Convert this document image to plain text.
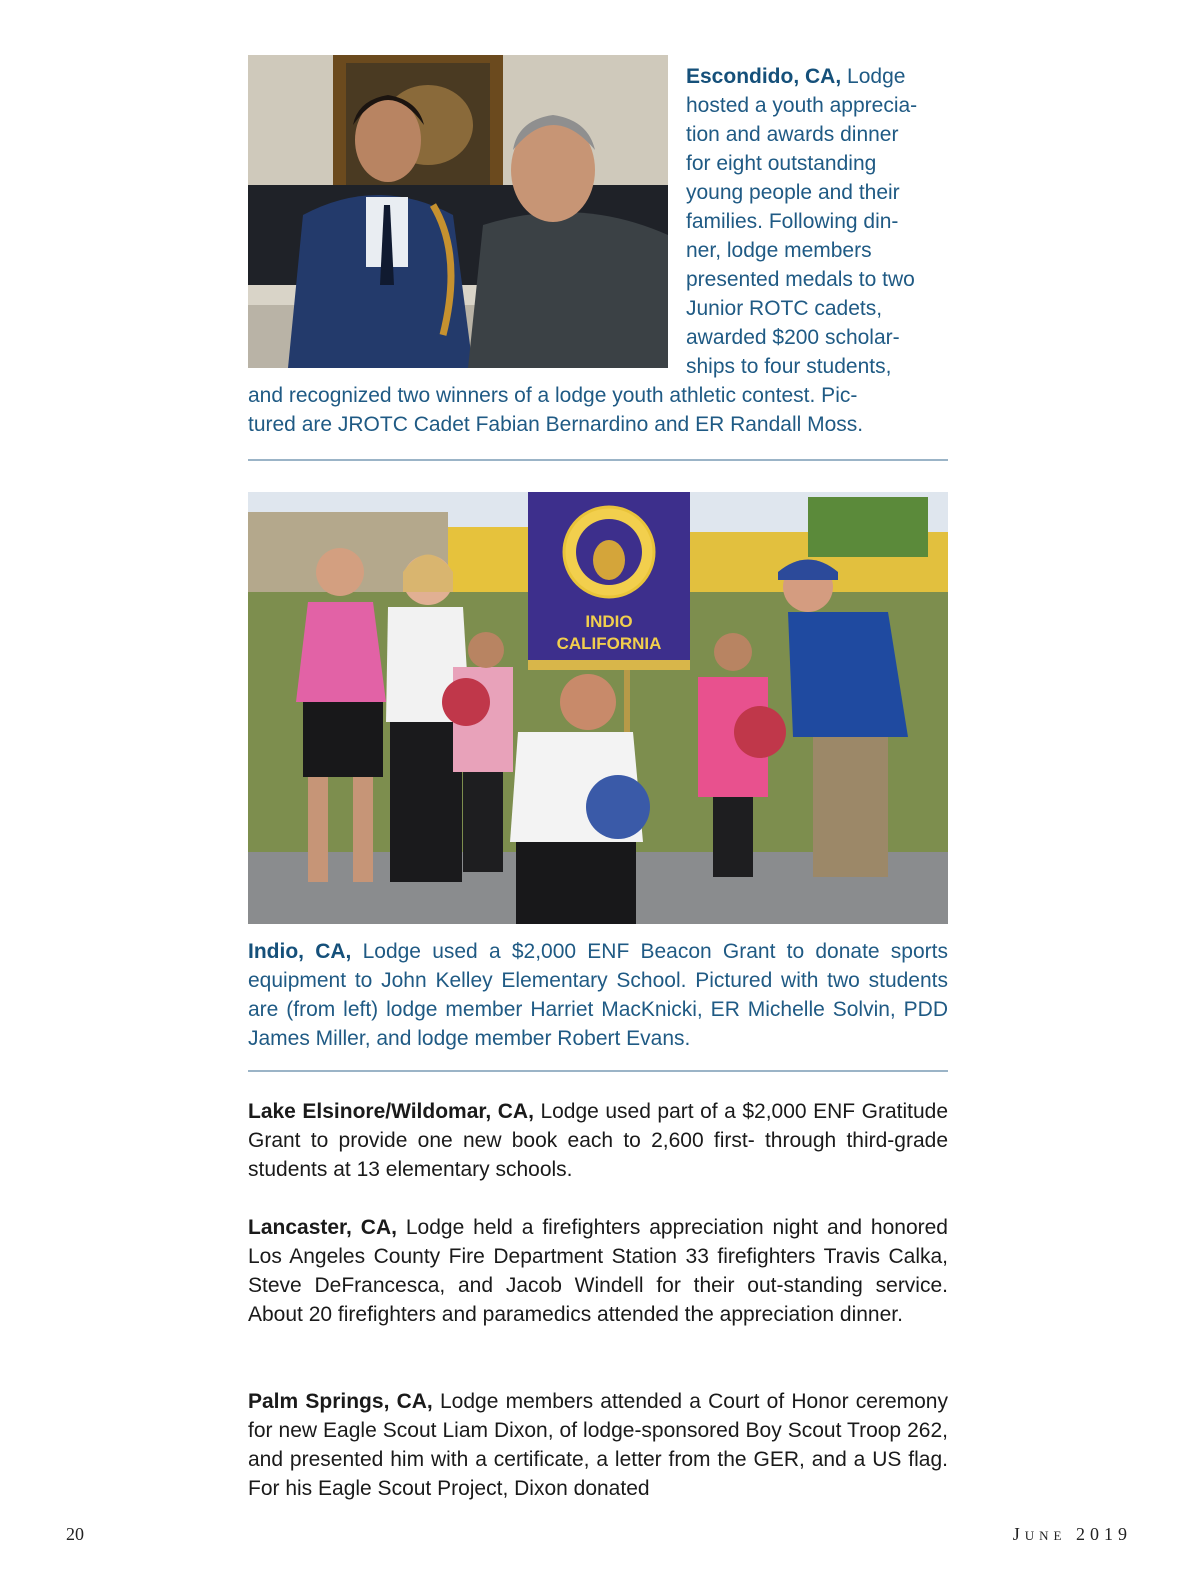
Escondido, CA, Lodge
hosted a youth apprecia-
tion and awards dinner
for eight outstanding
young people and their
families. Following din-
ner, lodge members
presented medals to two
Junior ROTC cadets,
awarded $200 scholar-
ships to four students,
and recognized two winners of a lodge youth athletic contest. Pic-
tured are JROTC Cadet Fabian Bernardino and ER Randall Moss.
INDIO
CALIFORNIA
Indio, CA, Lodge used a $2,000 ENF Beacon Grant to donate sports equipment to John Kelley Elementary School. Pictured with two students are (from left) lodge member Harriet MacKnicki, ER Michelle Solvin, PDD James Miller, and lodge member Robert Evans.
Lake Elsinore/Wildomar, CA, Lodge used part of a $2,000 ENF Gratitude Grant to provide one new book each to 2,600 first- through third-grade students at 13 elementary schools.
Lancaster, CA, Lodge held a firefighters appreciation night and honored Los Angeles County Fire Department Station 33 firefighters Travis Calka, Steve DeFrancesca, and Jacob Windell for their out-standing service. About 20 firefighters and paramedics attended the appreciation dinner.
Palm Springs, CA, Lodge members attended a Court of Honor ceremony for new Eagle Scout Liam Dixon, of lodge-sponsored Boy Scout Troop 262, and presented him with a certificate, a letter from the GER, and a US flag. For his Eagle Scout Project, Dixon donated
20	June 2019
